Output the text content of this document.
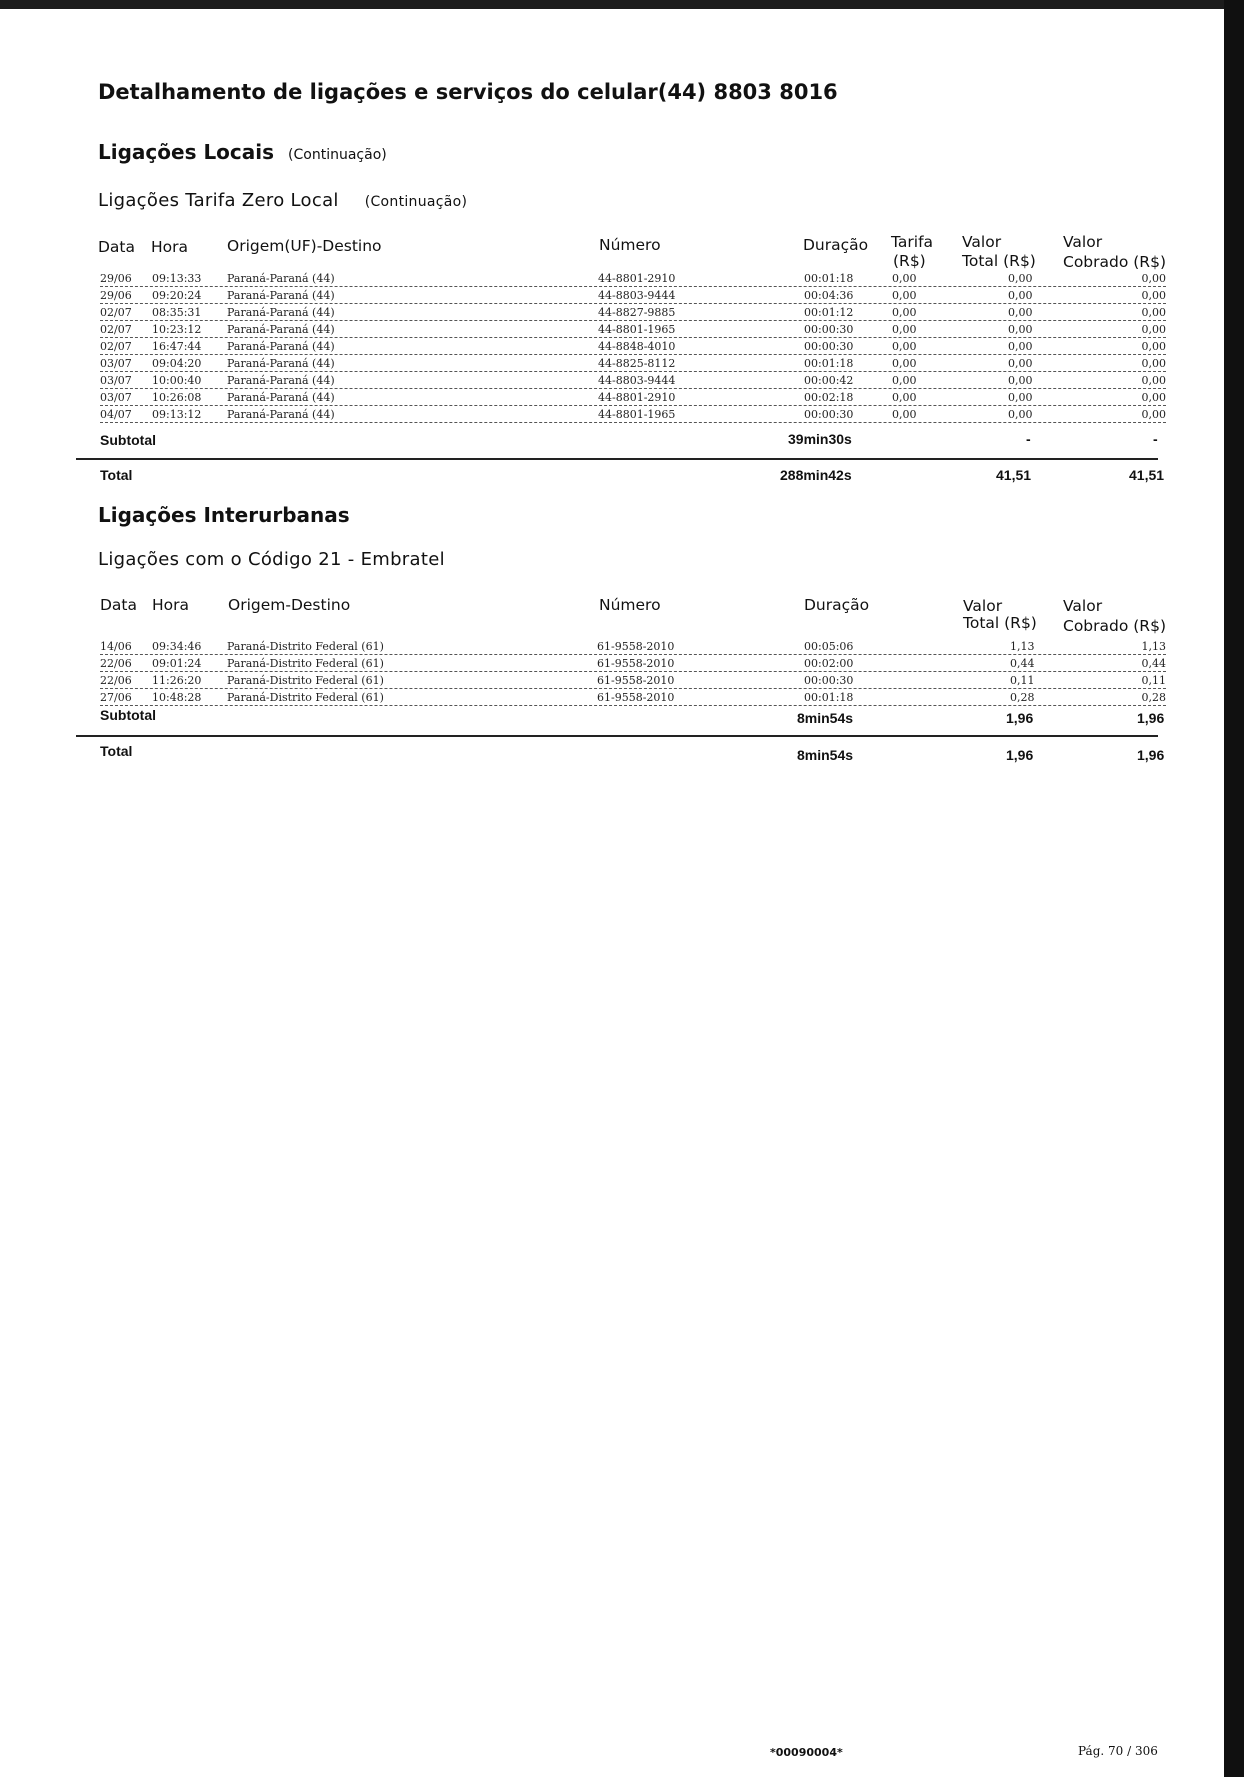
Detalhamento de ligações e serviços do celular(44) 8803 8016
Ligações Locais (Continuação)
Ligações Tarifa Zero Local (Continuação)
Data Hora	Origem(UF)-Destino	Número	Duração Tarifa
(R$)
Valor
Total (R$)
Valor
Cobrado (R$)
29/06 09:13:33 Paraná-Paraná (44)	44-8801-2910	00:01:18	0,00	0,00	0,00
29/06 09:20:24 Paraná-Paraná (44)	44-8803-9444	00:04:36	0,00	0,00	0,00
02/07 08:35:31 Paraná-Paraná (44)	44-8827-9885	00:01:12	0,00	0,00	0,00
02/07 10:23:12 Paraná-Paraná (44)	44-8801-1965	00:00:30	0,00	0,00	0,00
02/07 16:47:44 Paraná-Paraná (44)	44-8848-4010	00:00:30	0,00	0,00	0,00
03/07 09:04:20 Paraná-Paraná (44)	44-8825-8112	00:01:18	0,00	0,00	0,00
03/07 10:00:40 Paraná-Paraná (44)	44-8803-9444	00:00:42	0,00	0,00	0,00
03/07 10:26:08 Paraná-Paraná (44)	44-8801-2910	00:02:18	0,00	0,00	0,00
04/07 09:13:12 Paraná-Paraná (44)	44-8801-1965	00:00:30	0,00	0,00	0,00
Subtotal	39min30s	-	-
Total	288min42s	41,51	41,51
Ligações Interurbanas
Ligações com o Código 21 - Embratel
Data Hora	Origem-Destino	Número	Duração	Valor
Total (R$)
Valor
Cobrado (R$)
14/06 09:34:46 Paraná-Distrito Federal (61)	61-9558-2010	00:05:06	1,13	1,13
22/06 09:01:24 Paraná-Distrito Federal (61)	61-9558-2010	00:02:00	0,44	0,44
22/06 11:26:20 Paraná-Distrito Federal (61)	61-9558-2010	00:00:30	0,11	0,11
27/06 10:48:28 Paraná-Distrito Federal (61)	61-9558-2010	00:01:18	0,28	0,28
Subtotal	8min54s	1,96	1,96
Total	8min54s	1,96	1,96
*00090004*	Pág. 70 / 306
